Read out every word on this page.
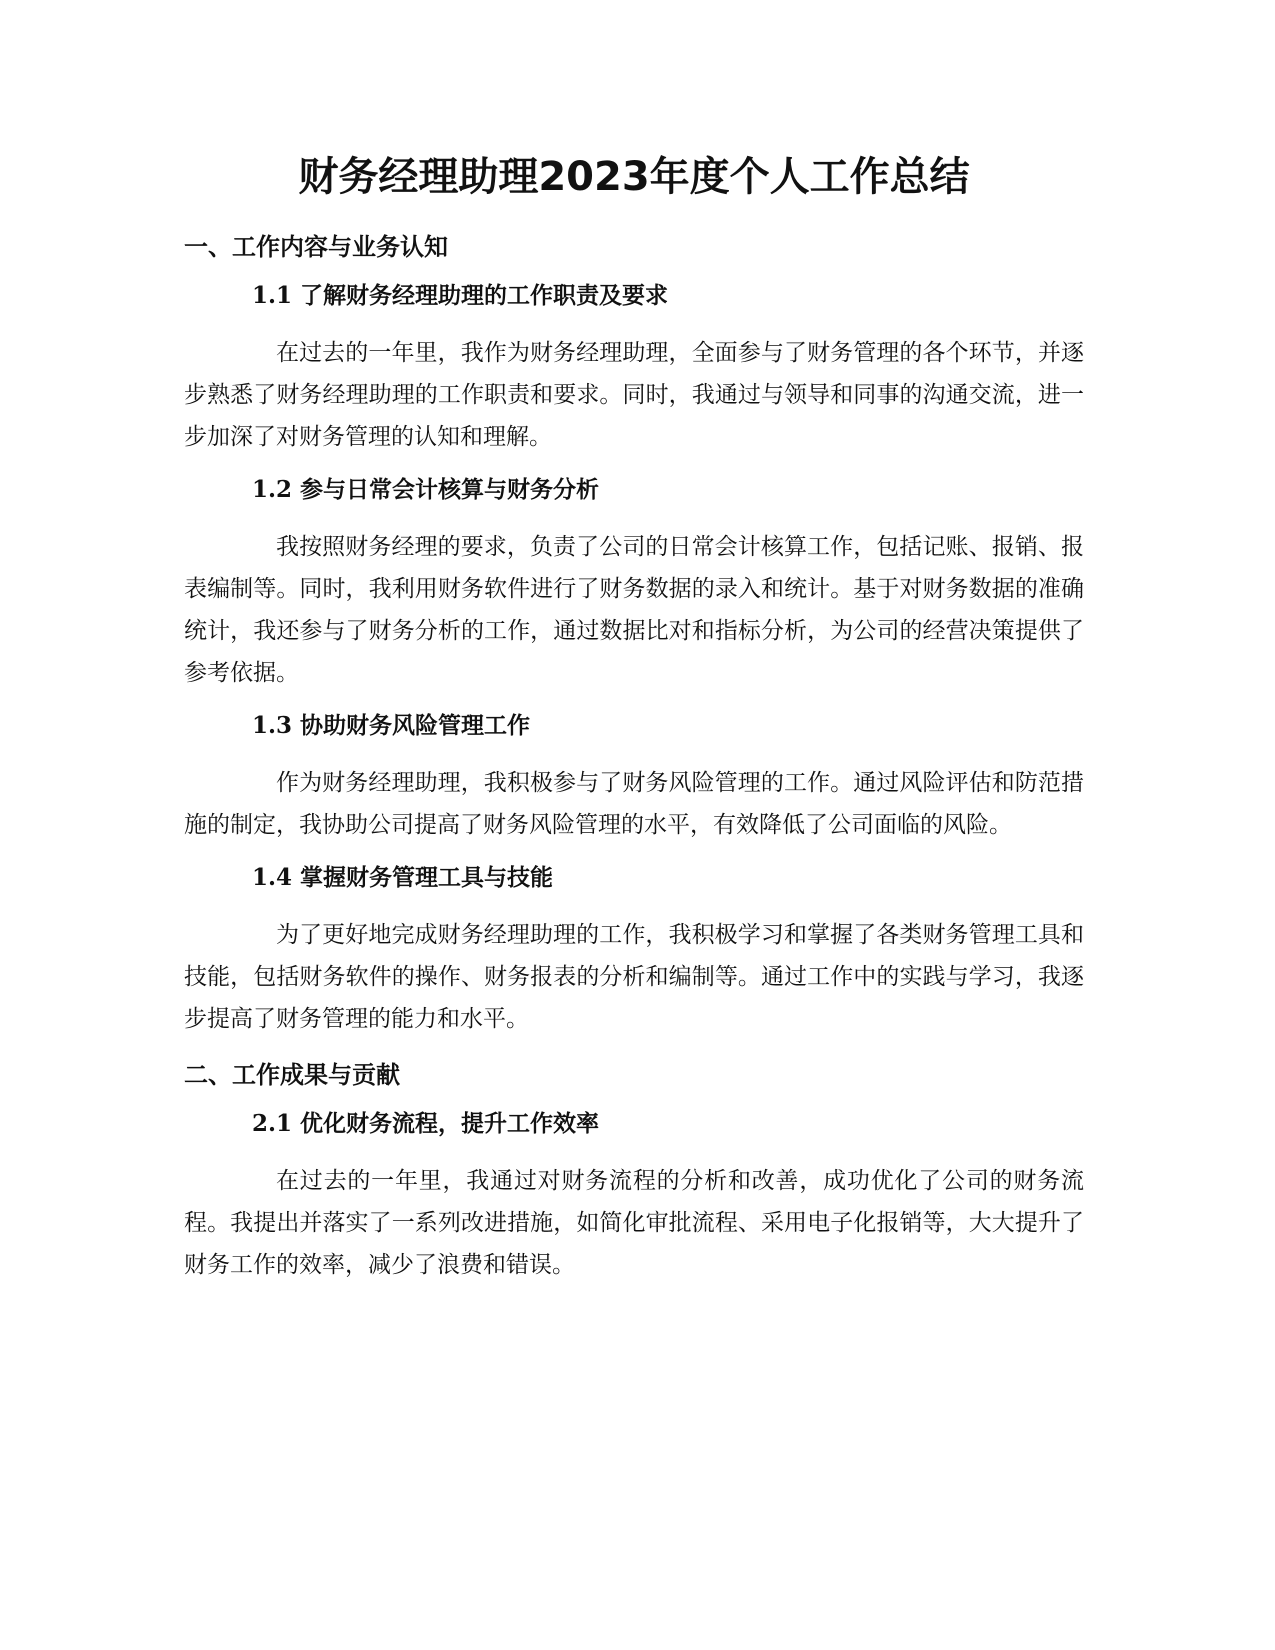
财务经理助理2023年度个人工作总结
一、工作内容与业务认知
1.1 了解财务经理助理的工作职责及要求

在过去的一年里，我作为财务经理助理，全面参与了财务管理的各个环节，并逐步熟悉了财务经理助理的工作职责和要求。同时，我通过与领导和同事的沟通交流，进一步加深了对财务管理的认知和理解。

1.2 参与日常会计核算与财务分析

我按照财务经理的要求，负责了公司的日常会计核算工作，包括记账、报销、报表编制等。同时，我利用财务软件进行了财务数据的录入和统计。基于对财务数据的准确统计，我还参与了财务分析的工作，通过数据比对和指标分析，为公司的经营决策提供了参考依据。

1.3 协助财务风险管理工作

作为财务经理助理，我积极参与了财务风险管理的工作。通过风险评估和防范措施的制定，我协助公司提高了财务风险管理的水平，有效降低了公司面临的风险。

1.4 掌握财务管理工具与技能

为了更好地完成财务经理助理的工作，我积极学习和掌握了各类财务管理工具和技能，包括财务软件的操作、财务报表的分析和编制等。通过工作中的实践与学习，我逐步提高了财务管理的能力和水平。

二、工作成果与贡献
2.1 优化财务流程，提升工作效率

在过去的一年里，我通过对财务流程的分析和改善，成功优化了公司的财务流程。我提出并落实了一系列改进措施，如简化审批流程、采用电子化报销等，大大提升了财务工作的效率，减少了浪费和错误。
